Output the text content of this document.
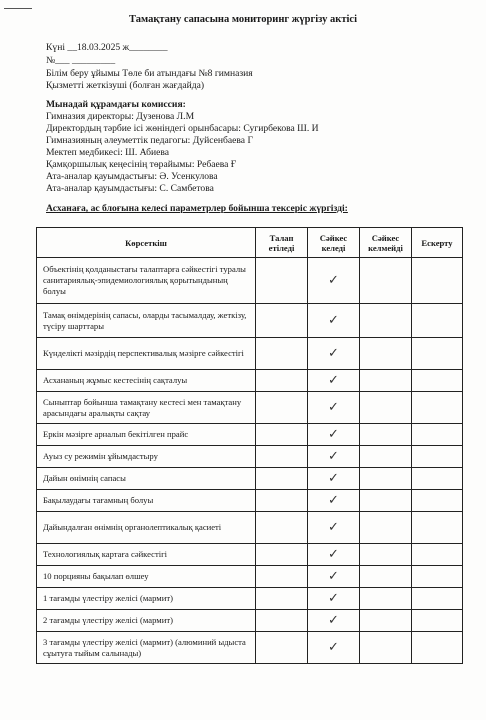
Тамақтану сапасына мониторинг жүргізу актісі
Күні __18.03.2025 ж________
№___ _________
Білім беру ұйымы Төле би атындағы №8 гимназия
Қызметті жеткізуші (болған жағдайда)
Мынадай құрамдағы комиссия:
Гимназия директоры: Дузенова Л.М
Директордың тәрбие ісі жөніндегі орынбасары: Сугирбекова Ш. И
Гимназияның әлеуметтік педагогы: Дуйсенбаева Г
Мектеп медбикесі: Ш. Абиева
Қамқоршылық кеңесінің төрайымы: Ребаева Ғ
Ата-аналар қауымдастығы: Ә. Усенкулова
Ата-аналар қауымдастығы: С. Самбетова
Асханаға, ас блоғына келесі параметрлер бойынша тексеріс жүргізді:
Көрсеткіш	Талап етіледі	Сәйкес келеді	Сәйкес келмейді	Ескерту
Объектінің қолданыстағы талаптарға сәйкестігі туралы санитариялық-эпидемиологиялық қорытындының болуы		✓		
Тамақ өнімдерінің сапасы, оларды тасымалдау, жеткізу, түсіру шарттары		✓		
Күнделікті мәзірдің перспективалық мәзірге сәйкестігі		✓		
Асхананың жұмыс кестесінің сақталуы		✓		
Сыныптар бойынша тамақтану кестесі мен тамақтану арасындағы аралықты сақтау		✓		
Еркін мәзірге арналып бекітілген прайс		✓		
Ауыз су режимін ұйымдастыру		✓		
Дайын өнімнің сапасы		✓		
Бақылаудағы тағамның болуы		✓		
Дайындалған өнімнің органолептикалық қасиеті		✓		
Технологиялық картаға сәйкестігі		✓		
10 порцияны бақылап өлшеу		✓		
1 тағамды үлестіру желісі (мармит)		✓		
2 тағамды үлестіру желісі (мармит)		✓		
3 тағамды үлестіру желісі (мармит) (алюминий ыдыста сұытуға тыйым салынады)		✓		
